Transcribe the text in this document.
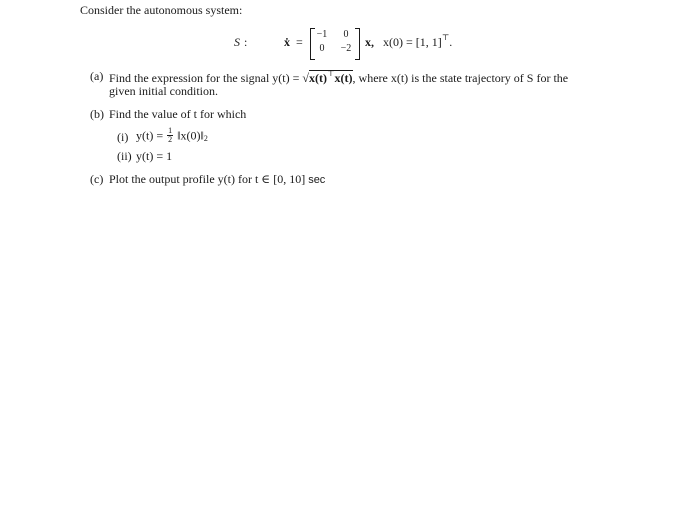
Consider the autonomous system:
S :	ẋ =
−1	0
0	−2 x, x(0) = [1, 1]⊤.
(a) Find the expression for the signal y(t) = √x(t)⊤x(t), where x(t) is the state trajectory of S for the
given initial condition.
(b) Find the value of t for which
(i) $y(t) = \frac{1}{2}$ $‖x(0)‖_2$
(ii) y(t) = 1
(c) Plot the output profile y(t) for t ∈ [0, 10] sec
